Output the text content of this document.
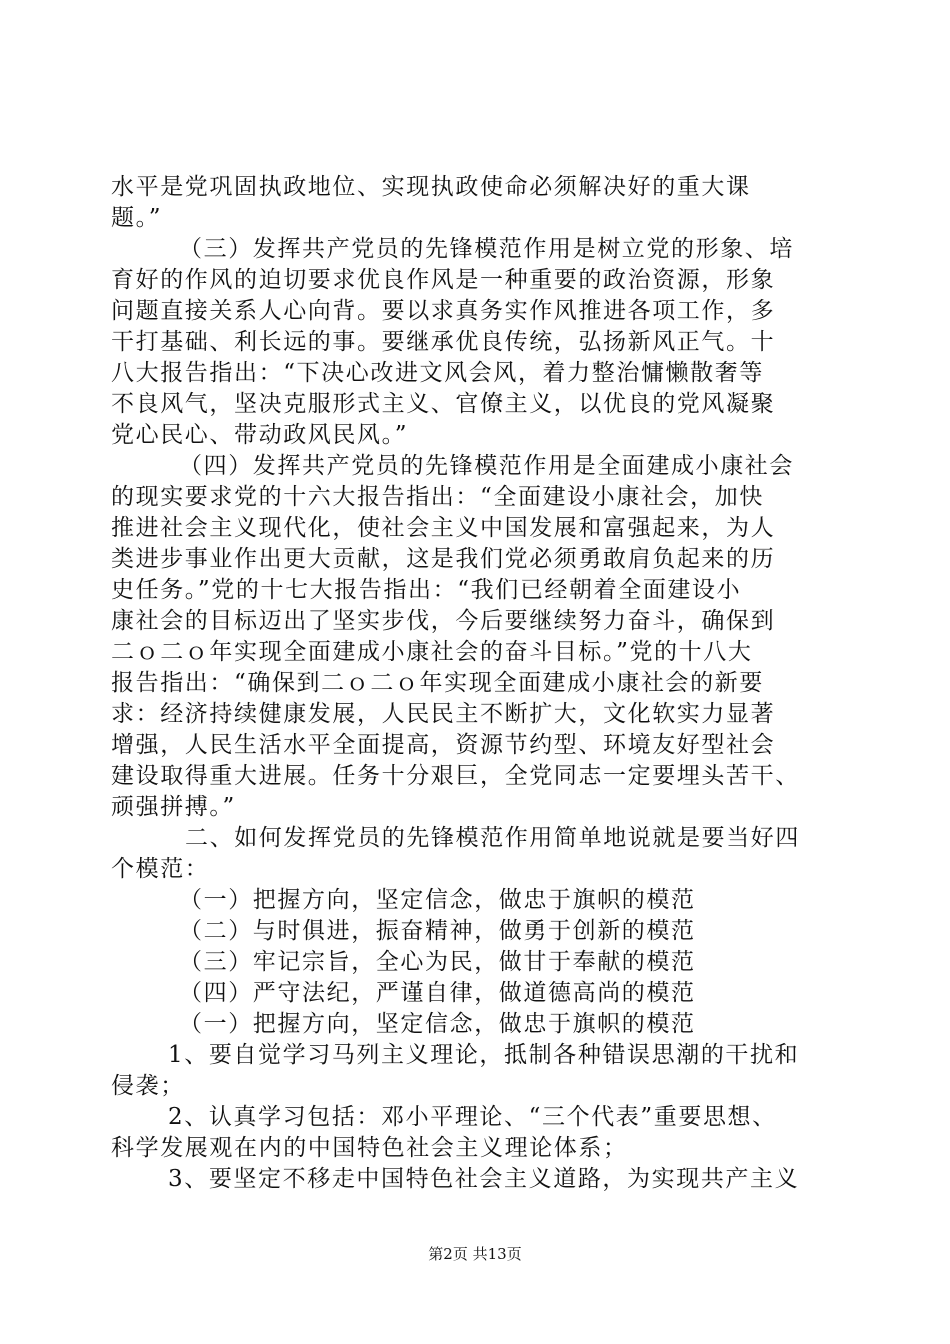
水平是党巩固执政地位、实现执政使命必须解决好的重大课
题。”
（三）发挥共产党员的先锋模范作用是树立党的形象、培
育好的作风的迫切要求优良作风是一种重要的政治资源，形象
问题直接关系人心向背。要以求真务实作风推进各项工作，多
干打基础、利长远的事。要继承优良传统，弘扬新风正气。十
八大报告指出：“下决心改进文风会风，着力整治慵懒散奢等
不良风气，坚决克服形式主义、官僚主义，以优良的党风凝聚
党心民心、带动政风民风。”
（四）发挥共产党员的先锋模范作用是全面建成小康社会
的现实要求党的十六大报告指出：“全面建设小康社会，加快
推进社会主义现代化，使社会主义中国发展和富强起来，为人
类进步事业作出更大贡献，这是我们党必须勇敢肩负起来的历
史任务。”党的十七大报告指出：“我们已经朝着全面建设小
康社会的目标迈出了坚实步伐，今后要继续努力奋斗，确保到
二ｏ二ｏ年实现全面建成小康社会的奋斗目标。”党的十八大
报告指出：“确保到二ｏ二ｏ年实现全面建成小康社会的新要
求：经济持续健康发展，人民民主不断扩大，文化软实力显著
增强，人民生活水平全面提高，资源节约型、环境友好型社会
建设取得重大进展。任务十分艰巨，全党同志一定要埋头苦干、
顽强拼搏。”
二、如何发挥党员的先锋模范作用简单地说就是要当好四
个模范：
（一）把握方向，坚定信念，做忠于旗帜的模范
（二）与时俱进，振奋精神，做勇于创新的模范
（三）牢记宗旨，全心为民，做甘于奉献的模范
（四）严守法纪，严谨自律，做道德高尚的模范
（一）把握方向，坚定信念，做忠于旗帜的模范
1、要自觉学习马列主义理论，抵制各种错误思潮的干扰和
侵袭；
2、认真学习包括：邓小平理论、“三个代表”重要思想、
科学发展观在内的中国特色社会主义理论体系；
3、要坚定不移走中国特色社会主义道路，为实现共产主义
第2页 共13页
